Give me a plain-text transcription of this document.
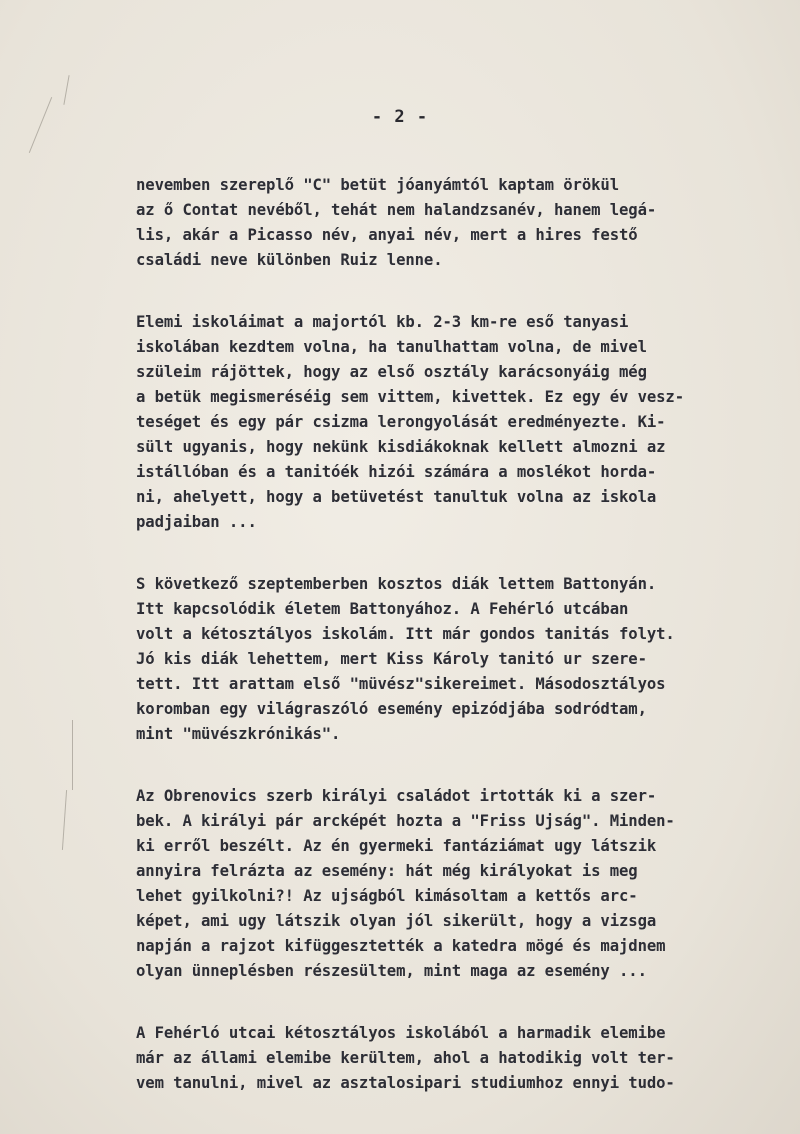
- 2 -
nevemben szereplő "C" betüt jóanyámtól kaptam örökül
az ő Contat nevéből, tehát nem halandzsanév, hanem legá-
lis, akár a Picasso név, anyai név, mert a hires festő
családi neve különben Ruiz lenne.
Elemi iskoláimat a majortól kb. 2-3 km-re eső tanyasi
iskolában kezdtem volna, ha tanulhattam volna, de mivel
szüleim rájöttek, hogy az első osztály karácsonyáig még
a betük megismeréséig sem vittem, kivettek. Ez egy év vesz-
teséget és egy pár csizma lerongyolását eredményezte. Ki-
sült ugyanis, hogy nekünk kisdiákoknak kellett almozni az
istállóban és a tanitóék hizói számára a moslékot horda-
ni, ahelyett, hogy a betüvetést tanultuk volna az iskola
padjaiban ...
S következő szeptemberben kosztos diák lettem Battonyán.
Itt kapcsolódik életem Battonyához. A Fehérló utcában
volt a kétosztályos iskolám. Itt már gondos tanitás folyt.
Jó kis diák lehettem, mert Kiss Károly tanitó ur szere-
tett. Itt arattam első "müvész"sikereimet. Másodosztályos
koromban egy világraszóló esemény epizódjába sodródtam,
mint "müvészkrónikás".
Az Obrenovics szerb királyi családot irtották ki a szer-
bek. A királyi pár arcképét hozta a "Friss Ujság". Minden-
ki erről beszélt. Az én gyermeki fantáziámat ugy látszik
annyira felrázta az esemény: hát még királyokat is meg
lehet gyilkolni?! Az ujságból kimásoltam a kettős arc-
képet, ami ugy látszik olyan jól sikerült, hogy a vizsga
napján a rajzot kifüggesztették a katedra mögé és majdnem
olyan ünneplésben részesültem, mint maga az esemény ...
A Fehérló utcai kétosztályos iskolából a harmadik elemibe
már az állami elemibe kerültem, ahol a hatodikig volt ter-
vem tanulni, mivel az asztalosipari studiumhoz ennyi tudo-
